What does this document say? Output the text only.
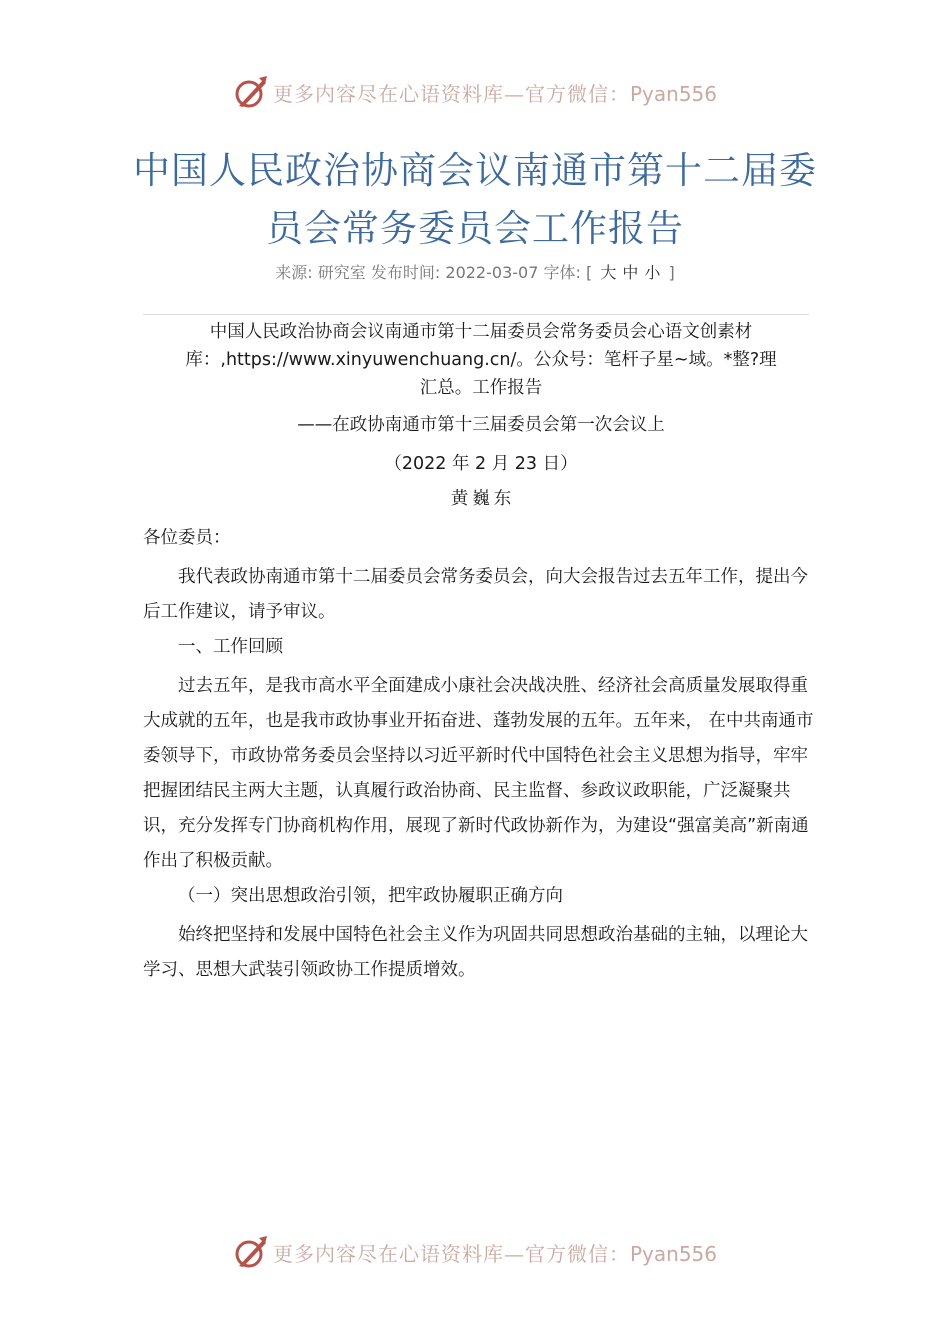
更多内容尽在心语资料库—官方微信：Pyan556
中国人民政治协商会议南通市第十二届委
员会常务委员会工作报告
来源: 研究室 发布时间: 2022-03-07 字体: [ 大 中 小 ]

中国人民政治协商会议南通市第十二届委员会常务委员会心语文创素材
库：,https://www.xinyuwenchuang.cn/。公众号：笔杆子星~域。*整?理
汇总。工作报告

——在政协南通市第十三届委员会第一次会议上

（2022 年 2 月 23 日）

黄 巍 东

各位委员：

我代表政协南通市第十二届委员会常务委员会，向大会报告过去五年工作，提出今后工作建议，请予审议。

一、工作回顾

过去五年，是我市高水平全面建成小康社会决战决胜、经济社会高质量发展取得重大成就的五年，也是我市政协事业开拓奋进、蓬勃发展的五年。五年来， 在中共南通市委领导下，市政协常务委员会坚持以习近平新时代中国特色社会主义思想为指导，牢牢把握团结民主两大主题，认真履行政治协商、民主监督、参政议政职能，广泛凝聚共识，充分发挥专门协商机构作用，展现了新时代政协新作为，为建设“强富美高”新南通作出了积极贡献。

（一）突出思想政治引领，把牢政协履职正确方向

始终把坚持和发展中国特色社会主义作为巩固共同思想政治基础的主轴，以理论大学习、思想大武装引领政协工作提质增效。

更多内容尽在心语资料库—官方微信：Pyan556
